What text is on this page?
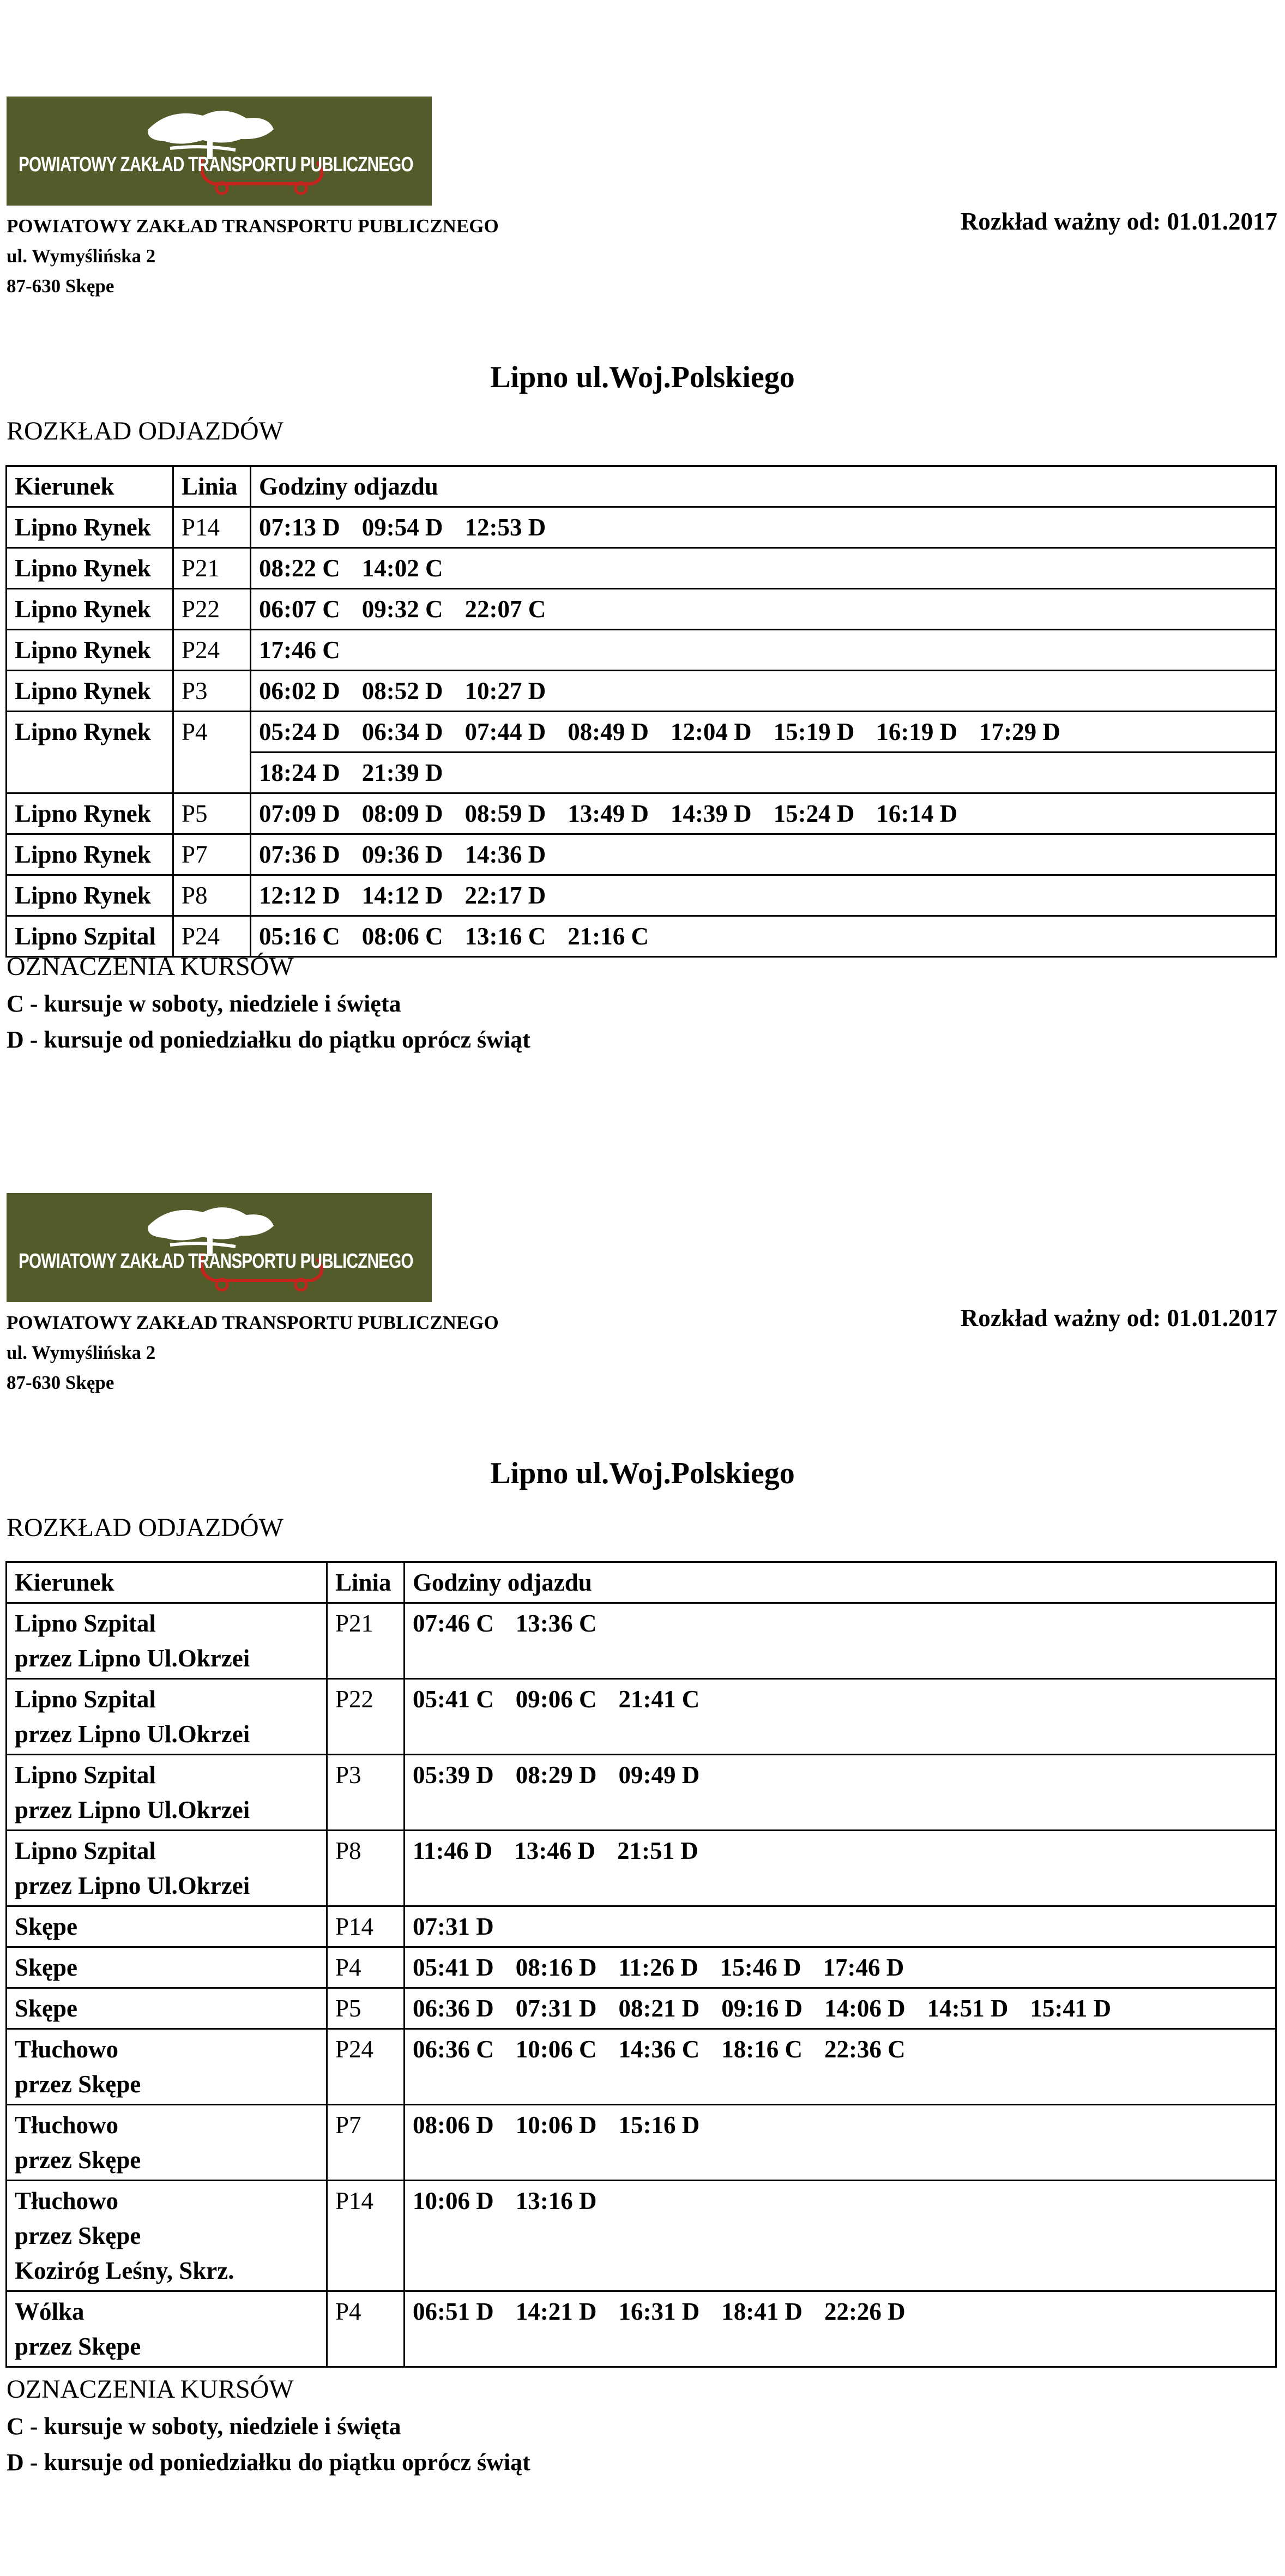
POWIATOWY ZAKŁAD TRANSPORTU PUBLICZNEGO
POWIATOWY ZAKŁAD TRANSPORTU PUBLICZNEGO
ul. Wymyślińska 2
87-630 Skępe
Rozkład ważny od: 01.01.2017
Lipno ul.Woj.Polskiego
ROZKŁAD ODJAZDÓW
Kierunek	Linia	Godziny odjazdu

Lipno Rynek	P14	07:13 D 09:54 D 12:53 D

Lipno Rynek	P21	08:22 C 14:02 C

Lipno Rynek	P22	06:07 C 09:32 C 22:07 C

Lipno Rynek	P24	17:46 C

Lipno Rynek	P3	06:02 D 08:52 D 10:27 D

Lipno Rynek	P4	05:24 D 06:34 D 07:44 D 08:49 D 12:04 D 15:19 D 16:19 D 17:29 D
		18:24 D 21:39 D

Lipno Rynek	P5	07:09 D 08:09 D 08:59 D 13:49 D 14:39 D 15:24 D 16:14 D

Lipno Rynek	P7	07:36 D 09:36 D 14:36 D

Lipno Rynek	P8	12:12 D 14:12 D 22:17 D

Lipno Szpital	P24	05:16 C 08:06 C 13:16 C 21:16 C
OZNACZENIA KURSÓW
C - kursuje w soboty, niedziele i święta
D - kursuje od poniedziałku do piątku oprócz świąt
POWIATOWY ZAKŁAD TRANSPORTU PUBLICZNEGO
POWIATOWY ZAKŁAD TRANSPORTU PUBLICZNEGO
ul. Wymyślińska 2
87-630 Skępe
Rozkład ważny od: 01.01.2017
Lipno ul.Woj.Polskiego
ROZKŁAD ODJAZDÓW
Kierunek	Linia	Godziny odjazdu

Lipno Szpital
przez Lipno Ul.Okrzei	P21	07:46 C 13:36 C

Lipno Szpital
przez Lipno Ul.Okrzei	P22	05:41 C 09:06 C 21:41 C

Lipno Szpital
przez Lipno Ul.Okrzei	P3	05:39 D 08:29 D 09:49 D

Lipno Szpital
przez Lipno Ul.Okrzei	P8	11:46 D 13:46 D 21:51 D

Skępe	P14	07:31 D

Skępe	P4	05:41 D 08:16 D 11:26 D 15:46 D 17:46 D

Skępe	P5	06:36 D 07:31 D 08:21 D 09:16 D 14:06 D 14:51 D 15:41 D

Tłuchowo
przez Skępe	P24	06:36 C 10:06 C 14:36 C 18:16 C 22:36 C

Tłuchowo
przez Skępe	P7	08:06 D 10:06 D 15:16 D

Tłuchowo
przez Skępe
Koziróg Leśny, Skrz.	P14	10:06 D 13:16 D

Wólka
przez Skępe	P4	06:51 D 14:21 D 16:31 D 18:41 D 22:26 D
OZNACZENIA KURSÓW
C - kursuje w soboty, niedziele i święta
D - kursuje od poniedziałku do piątku oprócz świąt
